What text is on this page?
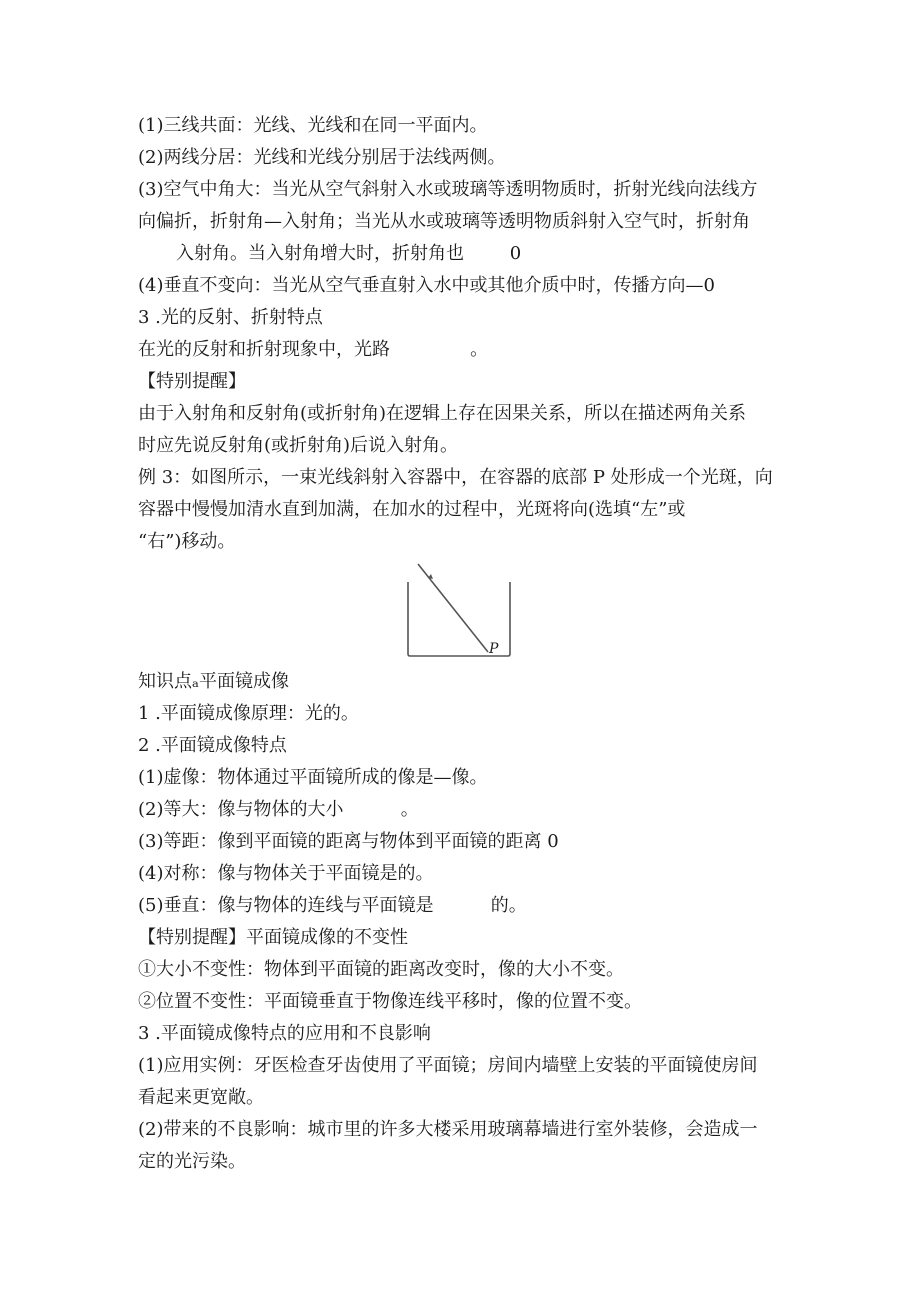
(1)三线共面：光线、光线和在同一平面内。
(2)两线分居：光线和光线分别居于法线两侧。
(3)空气中角大：当光从空气斜射入水或玻璃等透明物质时，折射光线向法线方
向偏折，折射角—入射角；当光从水或玻璃等透明物质斜射入空气时，折射角
入射角。当入射角增大时，折射角也        0
(4)垂直不变向：当光从空气垂直射入水中或其他介质中时，传播方向—0
3 .光的反射、折射特点
在光的反射和折射现象中，光路              。
【特别提醒】
由于入射角和反射角(或折射角)在逻辑上存在因果关系，所以在描述两角关系
时应先说反射角(或折射角)后说入射角。
例 3：如图所示，一束光线斜射入容器中，在容器的底部 P 处形成一个光斑，向
容器中慢慢加清水直到加满，在加水的过程中，光斑将向(选填“左”或
“右”)移动。
P
知识点ₐ平面镜成像
1 .平面镜成像原理：光的。
2 .平面镜成像特点
(1)虚像：物体通过平面镜所成的像是—像。
(2)等大：像与物体的大小          。
(3)等距：像到平面镜的距离与物体到平面镜的距离 0
(4)对称：像与物体关于平面镜是的。
(5)垂直：像与物体的连线与平面镜是          的。
【特别提醒】平面镜成像的不变性
①大小不变性：物体到平面镜的距离改变时，像的大小不变。
②位置不变性：平面镜垂直于物像连线平移时，像的位置不变。
3 .平面镜成像特点的应用和不良影响
(1)应用实例：牙医检查牙齿使用了平面镜；房间内墙壁上安装的平面镜使房间
看起来更宽敞。
(2)带来的不良影响：城市里的许多大楼采用玻璃幕墙进行室外装修，会造成一
定的光污染。
